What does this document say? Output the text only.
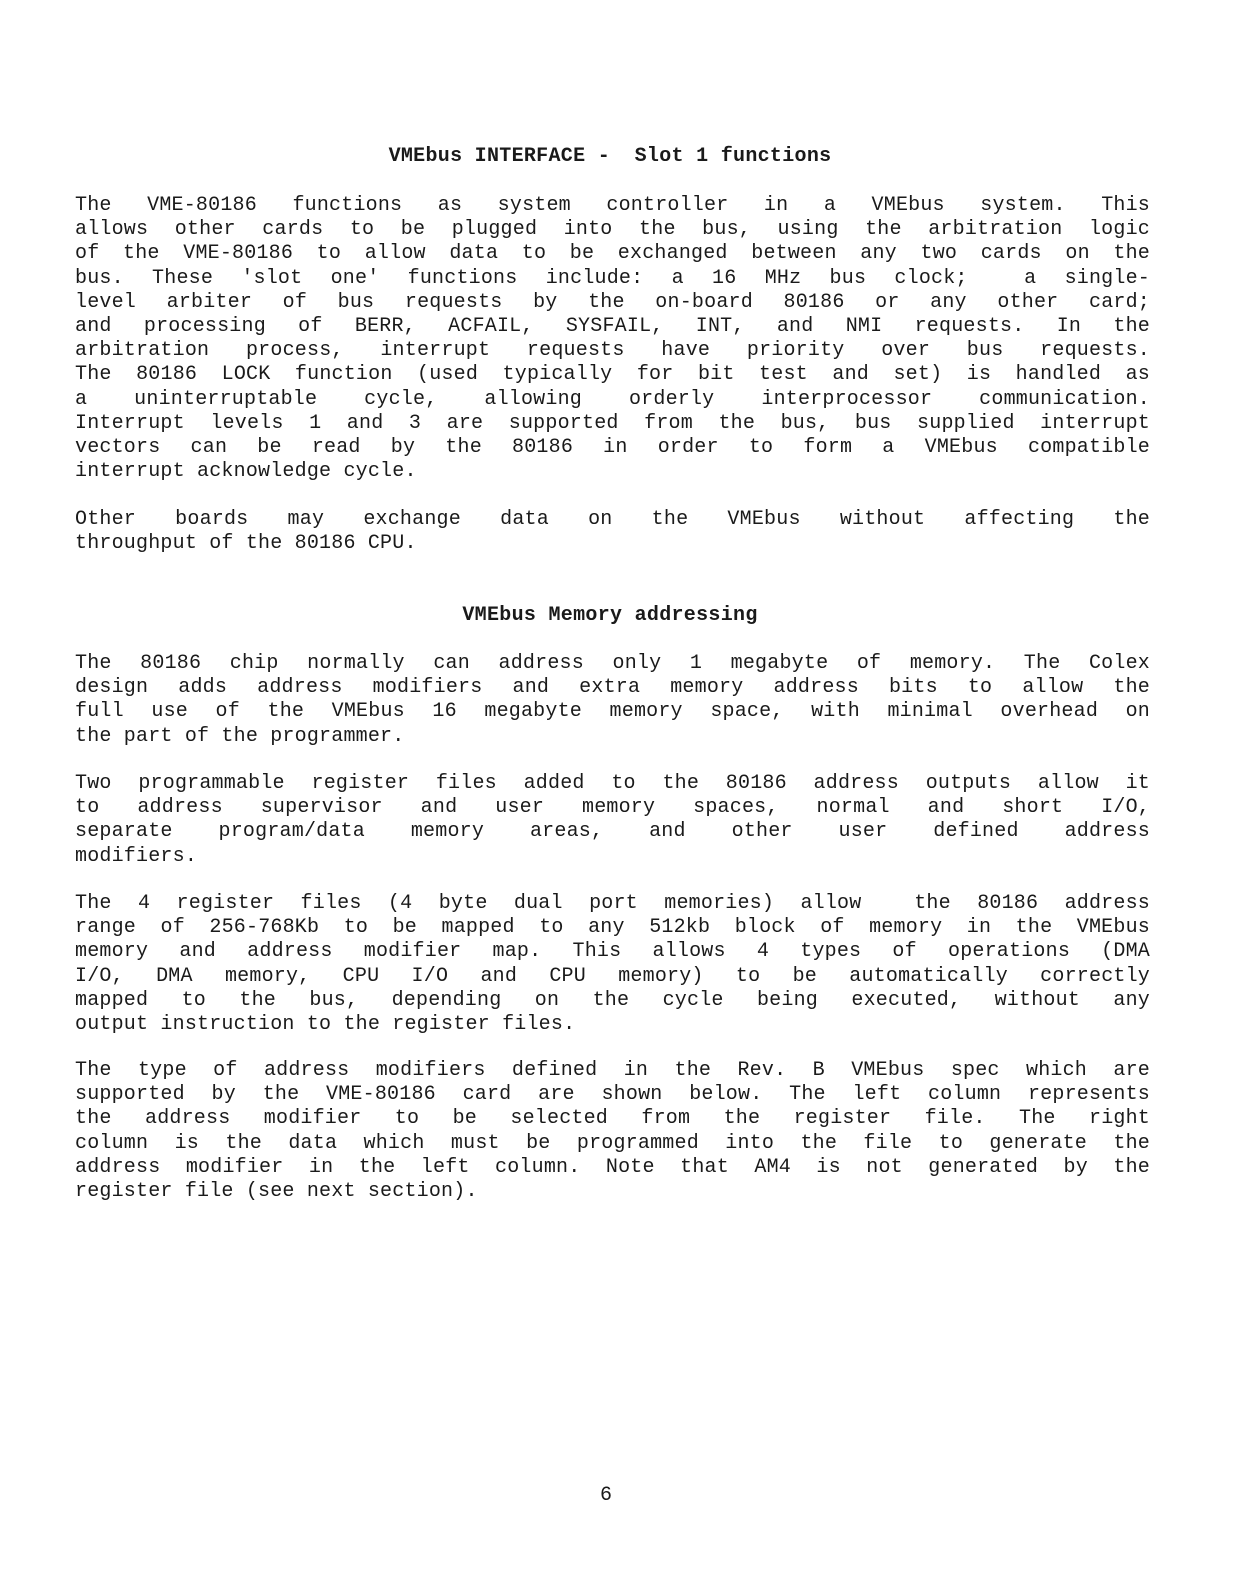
VMEbus INTERFACE -  Slot 1 functions
The VME-80186 functions as system controller in a VMEbus system. This
allows other cards to be plugged into the bus, using the arbitration logic
of the VME-80186 to allow data to be exchanged between any two cards on the
bus. These 'slot one' functions include: a 16 MHz bus clock;  a single-
level arbiter of bus requests by the on-board 80186 or any other card;
and processing of BERR, ACFAIL, SYSFAIL, INT, and NMI requests. In the
arbitration process, interrupt requests have priority over bus requests.
The 80186 LOCK function (used typically for bit test and set) is handled as
a uninterruptable cycle, allowing orderly interprocessor communication.
Interrupt levels 1 and 3 are supported from the bus, bus supplied interrupt
vectors can be read by the 80186 in order to form a VMEbus compatible
interrupt acknowledge cycle.
Other boards may exchange data on the VMEbus without affecting the
throughput of the 80186 CPU.
VMEbus Memory addressing
The 80186 chip normally can address only 1 megabyte of memory. The Colex
design adds address modifiers and extra memory address bits to allow the
full use of the VMEbus 16 megabyte memory space, with minimal overhead on
the part of the programmer.
Two programmable register files added to the 80186 address outputs allow it
to address supervisor and user memory spaces, normal and short I/O,
separate program/data memory areas, and other user defined address
modifiers.
The 4 register files (4 byte dual port memories) allow  the 80186 address
range of 256-768Kb to be mapped to any 512kb block of memory in the VMEbus
memory and address modifier map. This allows 4 types of operations (DMA
I/O, DMA memory, CPU I/O and CPU memory) to be automatically correctly
mapped to the bus, depending on the cycle being executed, without any
output instruction to the register files.
The type of address modifiers defined in the Rev. B VMEbus spec which are
supported by the VME-80186 card are shown below. The left column represents
the address modifier to be selected from the register file. The right
column is the data which must be programmed into the file to generate the
address modifier in the left column. Note that AM4 is not generated by the
register file (see next section).
6
